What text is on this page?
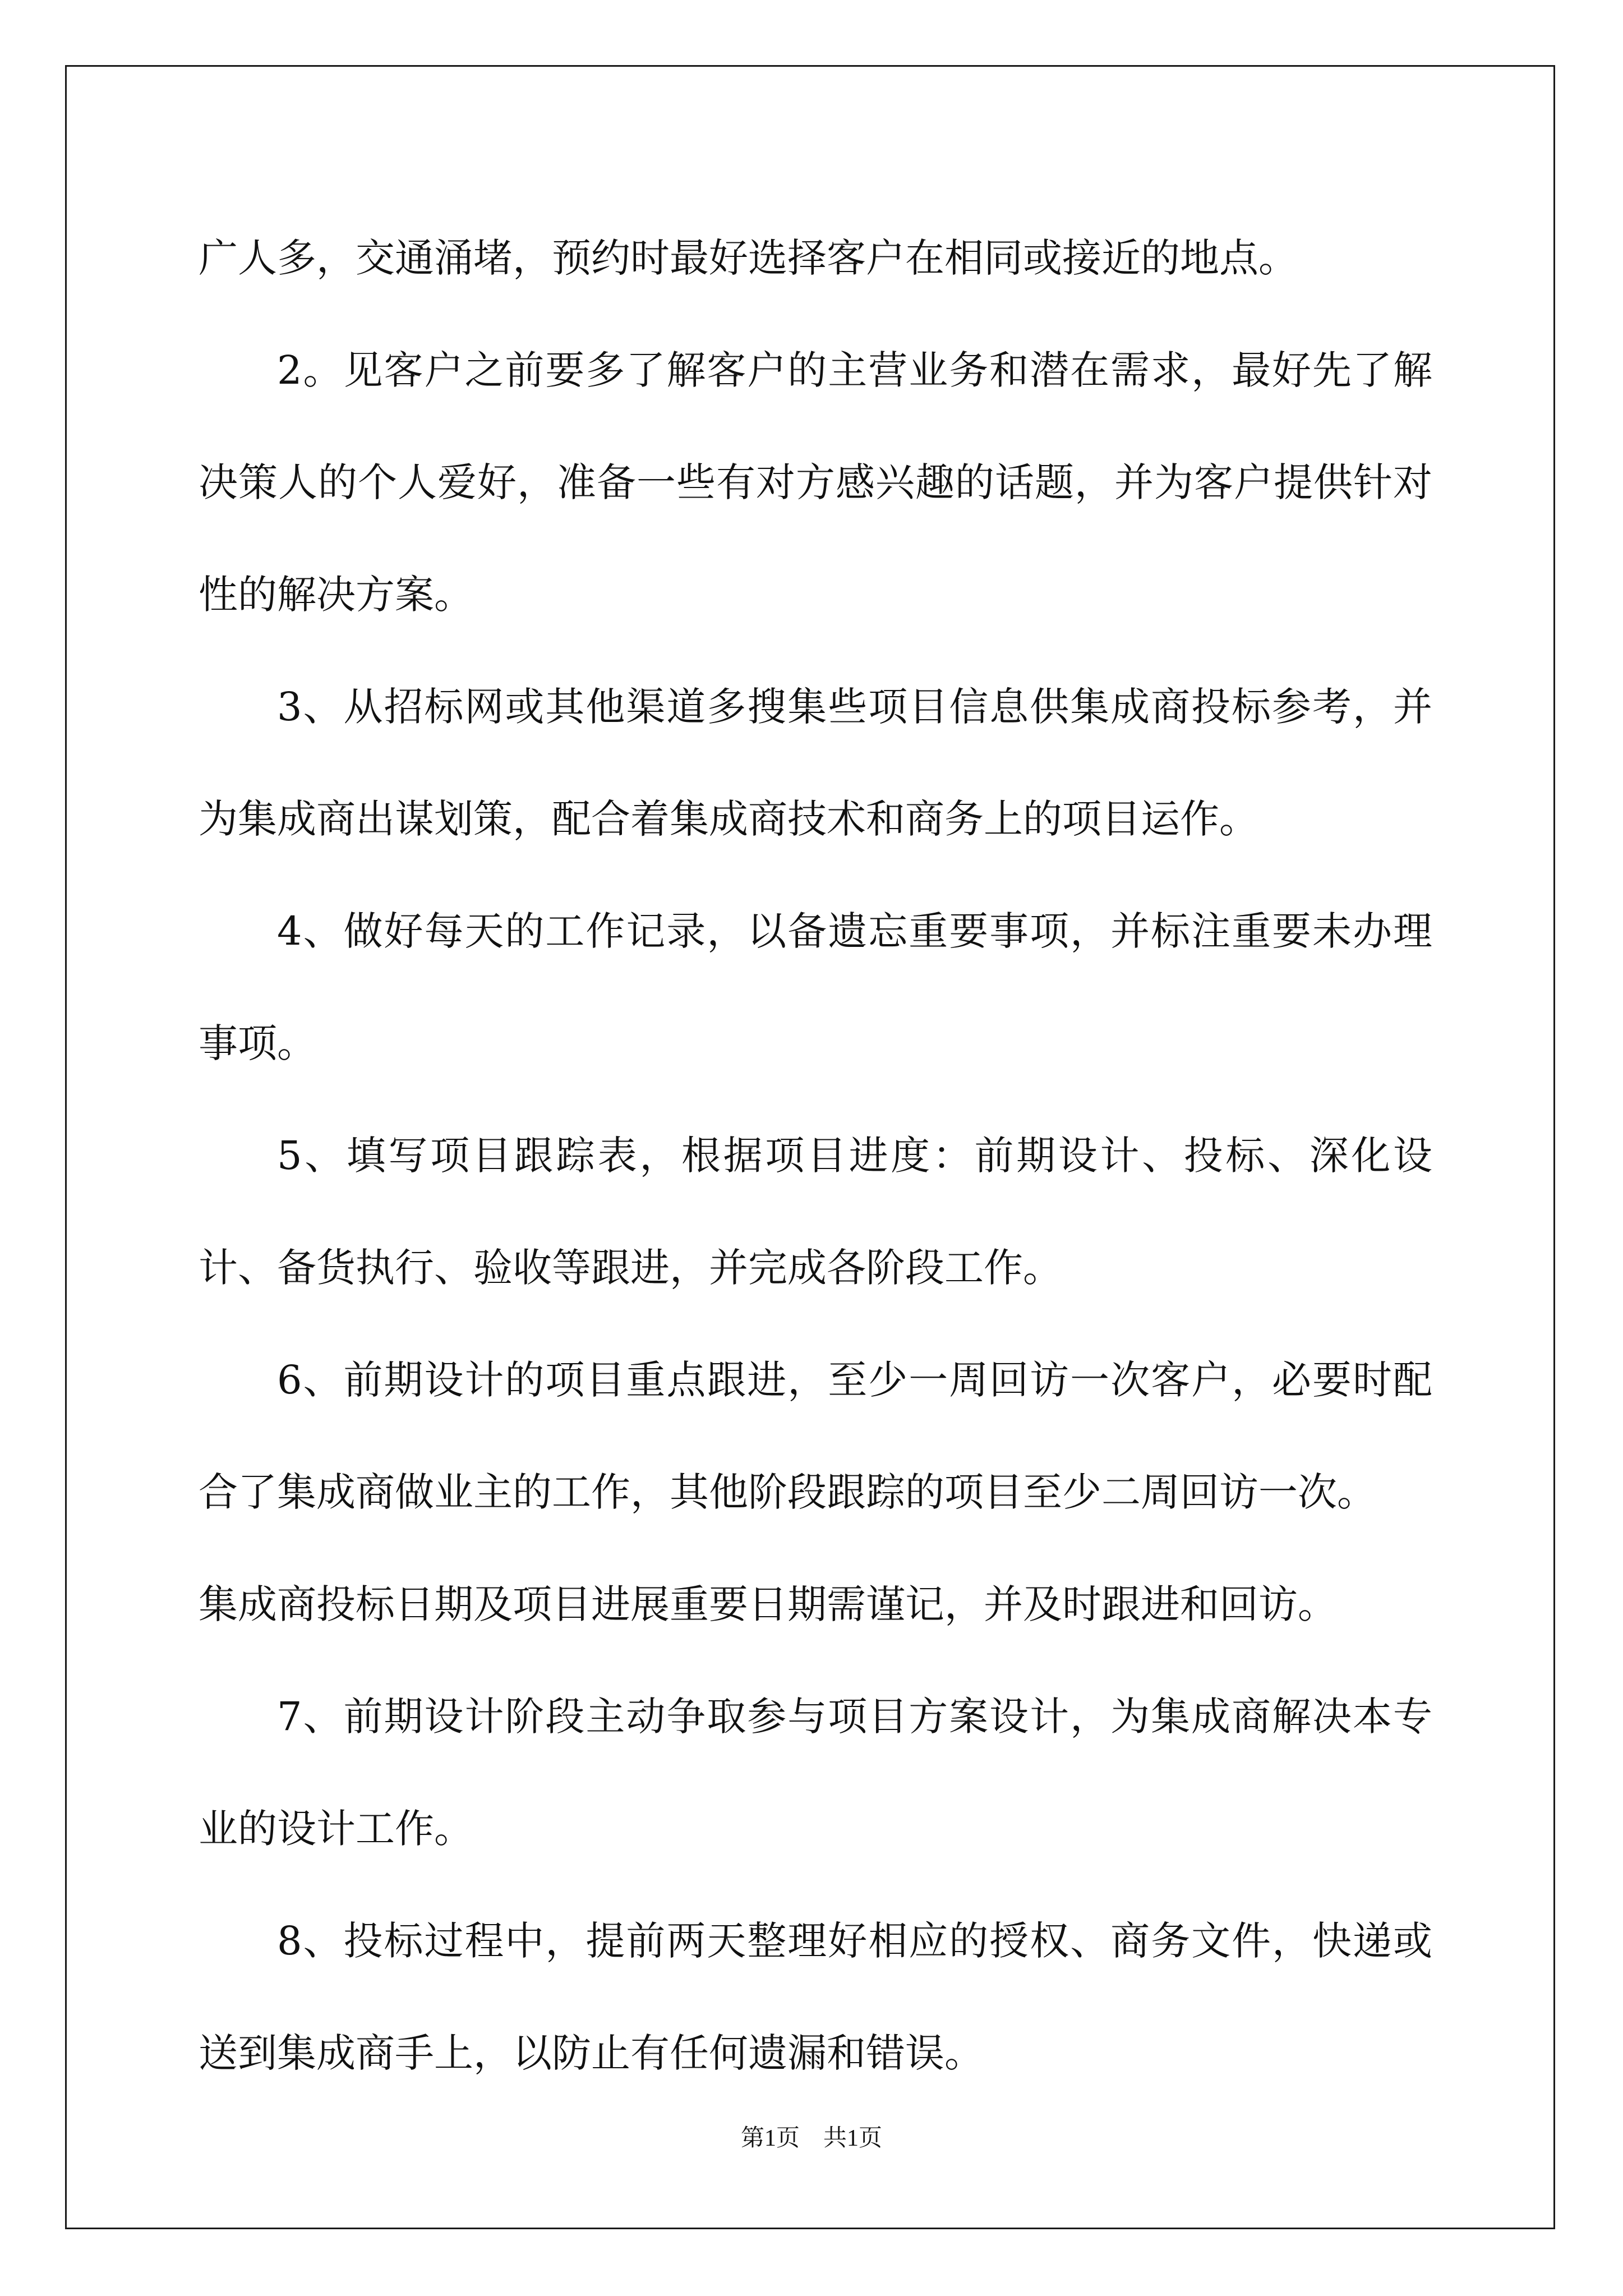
广人多，交通涌堵，预约时最好选择客户在相同或接近的地点。

2。见客户之前要多了解客户的主营业务和潜在需求，最好先了解决策人的个人爱好，准备一些有对方感兴趣的话题，并为客户提供针对性的解决方案。

3、从招标网或其他渠道多搜集些项目信息供集成商投标参考，并为集成商出谋划策，配合着集成商技术和商务上的项目运作。

4、做好每天的工作记录，以备遗忘重要事项，并标注重要未办理事项。

5、填写项目跟踪表，根据项目进度：前期设计、投标、深化设计、备货执行、验收等跟进，并完成各阶段工作。

6、前期设计的项目重点跟进，至少一周回访一次客户，必要时配合了集成商做业主的工作，其他阶段跟踪的项目至少二周回访一次。

集成商投标日期及项目进展重要日期需谨记，并及时跟进和回访。

7、前期设计阶段主动争取参与项目方案设计，为集成商解决本专业的设计工作。

8、投标过程中，提前两天整理好相应的授权、商务文件，快递或送到集成商手上，以防止有任何遗漏和错误。

第1页　共1页
